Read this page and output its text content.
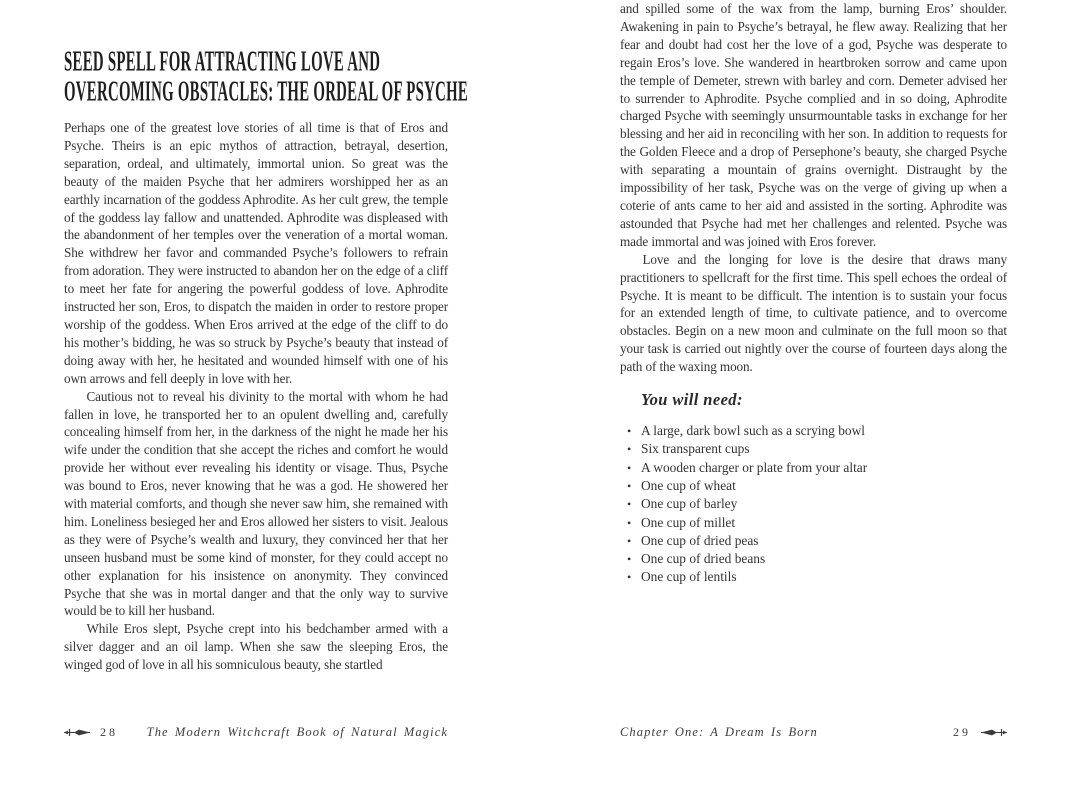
SEED SPELL FOR ATTRACTING LOVE AND
OVERCOMING OBSTACLES: THE ORDEAL OF PSYCHE

Perhaps one of the greatest love stories of all time is that of Eros and Psyche. Theirs is an epic mythos of attraction, betrayal, desertion, separation, ordeal, and ultimately, immortal union. So great was the beauty of the maiden Psyche that her admirers worshipped her as an earthly incarnation of the goddess Aphrodite. As her cult grew, the temple of the goddess lay fallow and unattended. Aphrodite was displeased with the abandonment of her temples over the veneration of a mortal woman. She withdrew her favor and commanded Psyche’s followers to refrain from adoration. They were instructed to abandon her on the edge of a cliff to meet her fate for angering the powerful goddess of love. Aphrodite instructed her son, Eros, to dispatch the maiden in order to restore proper worship of the goddess. When Eros arrived at the edge of the cliff to do his mother’s bidding, he was so struck by Psyche’s beauty that instead of doing away with her, he hesitated and wounded himself with one of his own arrows and fell deeply in love with her.

Cautious not to reveal his divinity to the mortal with whom he had fallen in love, he transported her to an opulent dwelling and, carefully concealing himself from her, in the darkness of the night he made her his wife under the condition that she accept the riches and comfort he would provide her without ever revealing his identity or visage. Thus, Psyche was bound to Eros, never knowing that he was a god. He showered her with material comforts, and though she never saw him, she remained with him. Loneliness besieged her and Eros allowed her sisters to visit. Jealous as they were of Psyche’s wealth and luxury, they convinced her that her unseen husband must be some kind of monster, for they could accept no other explanation for his insistence on anonymity. They convinced Psyche that she was in mortal danger and that the only way to survive would be to kill her husband.

While Eros slept, Psyche crept into his bedchamber armed with a silver dagger and an oil lamp. When she saw the sleeping Eros, the winged god of love in all his somniculous beauty, she startled

28 The Modern Witchcraft Book of Natural Magick

and spilled some of the wax from the lamp, burning Eros’ shoulder. Awakening in pain to Psyche’s betrayal, he flew away. Realizing that her fear and doubt had cost her the love of a god, Psyche was desperate to regain Eros’s love. She wandered in heartbroken sorrow and came upon the temple of Demeter, strewn with barley and corn. Demeter advised her to surrender to Aphrodite. Psyche complied and in so doing, Aphrodite charged Psyche with seemingly unsurmountable tasks in exchange for her blessing and her aid in reconciling with her son. In addition to requests for the Golden Fleece and a drop of Persephone’s beauty, she charged Psyche with separating a mountain of grains overnight. Distraught by the impossibility of her task, Psyche was on the verge of giving up when a coterie of ants came to her aid and assisted in the sorting. Aphrodite was astounded that Psyche had met her challenges and relented. Psyche was made immortal and was joined with Eros forever.

Love and the longing for love is the desire that draws many practitioners to spellcraft for the first time. This spell echoes the ordeal of Psyche. It is meant to be difficult. The intention is to sustain your focus for an extended length of time, to cultivate patience, and to overcome obstacles. Begin on a new moon and culminate on the full moon so that your task is carried out nightly over the course of fourteen days along the path of the waxing moon.

You will need:
• A large, dark bowl such as a scrying bowl
• Six transparent cups
• A wooden charger or plate from your altar
• One cup of wheat
• One cup of barley
• One cup of millet
• One cup of dried peas
• One cup of dried beans
• One cup of lentils
Chapter One: A Dream Is Born	29
